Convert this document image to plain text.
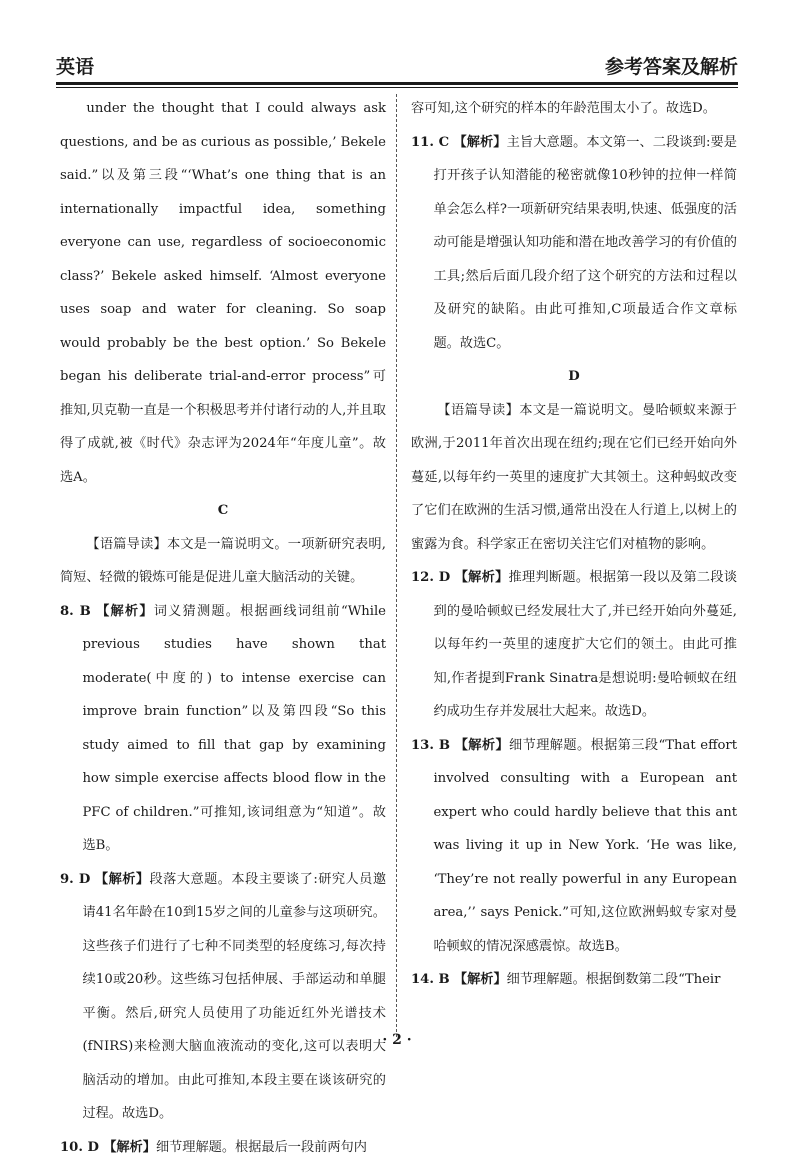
英语	参考答案及解析

under the thought that I could always ask questions, and be as curious as possible,’ Bekele said.”以及第三段“‘What’s one thing that is an internationally impactful idea, something everyone can use, regardless of socioeconomic class?’ Bekele asked himself. ‘Almost everyone uses soap and water for cleaning. So soap would probably be the best option.’ So Bekele began his deliberate trial-and-error process”可推知,贝克勒一直是一个积极思考并付诸行动的人,并且取得了成就,被《时代》杂志评为2024年“年度儿童”。故选A。

C

【语篇导读】本文是一篇说明文。一项新研究表明,简短、轻微的锻炼可能是促进儿童大脑活动的关键。

8. B 【解析】词义猜测题。根据画线词组前“While previous studies have shown that moderate(中度的) to intense exercise can improve brain function”以及第四段“So this study aimed to fill that gap by examining how simple exercise affects blood flow in the PFC of children.”可推知,该词组意为“知道”。故选B。

9. D 【解析】段落大意题。本段主要谈了:研究人员邀请41名年龄在10到15岁之间的儿童参与这项研究。这些孩子们进行了七种不同类型的轻度练习,每次持续10或20秒。这些练习包括伸展、手部运动和单腿平衡。然后,研究人员使用了功能近红外光谱技术(fNIRS)来检测大脑血液流动的变化,这可以表明大脑活动的增加。由此可推知,本段主要在谈该研究的过程。故选D。

10. D 【解析】细节理解题。根据最后一段前两句内

容可知,这个研究的样本的年龄范围太小了。故选D。

11. C 【解析】主旨大意题。本文第一、二段谈到:要是打开孩子认知潜能的秘密就像10秒钟的拉伸一样简单会怎么样?一项新研究结果表明,快速、低强度的活动可能是增强认知功能和潜在地改善学习的有价值的工具;然后后面几段介绍了这个研究的方法和过程以及研究的缺陷。由此可推知,C项最适合作文章标题。故选C。

D

【语篇导读】本文是一篇说明文。曼哈顿蚁来源于欧洲,于2011年首次出现在纽约;现在它们已经开始向外蔓延,以每年约一英里的速度扩大其领土。这种蚂蚁改变了它们在欧洲的生活习惯,通常出没在人行道上,以树上的蜜露为食。科学家正在密切关注它们对植物的影响。

12. D 【解析】推理判断题。根据第一段以及第二段谈到的曼哈顿蚁已经发展壮大了,并已经开始向外蔓延,以每年约一英里的速度扩大它们的领土。由此可推知,作者提到Frank Sinatra是想说明:曼哈顿蚁在纽约成功生存并发展壮大起来。故选D。

13. B 【解析】细节理解题。根据第三段“That effort involved consulting with a European ant expert who could hardly believe that this ant was living it up in New York. ‘He was like, ‘They’re not really powerful in any European area,’’ says Penick.”可知,这位欧洲蚂蚁专家对曼哈顿蚁的情况深感震惊。故选B。

14. B 【解析】细节理解题。根据倒数第二段“Their

· 2 ·
